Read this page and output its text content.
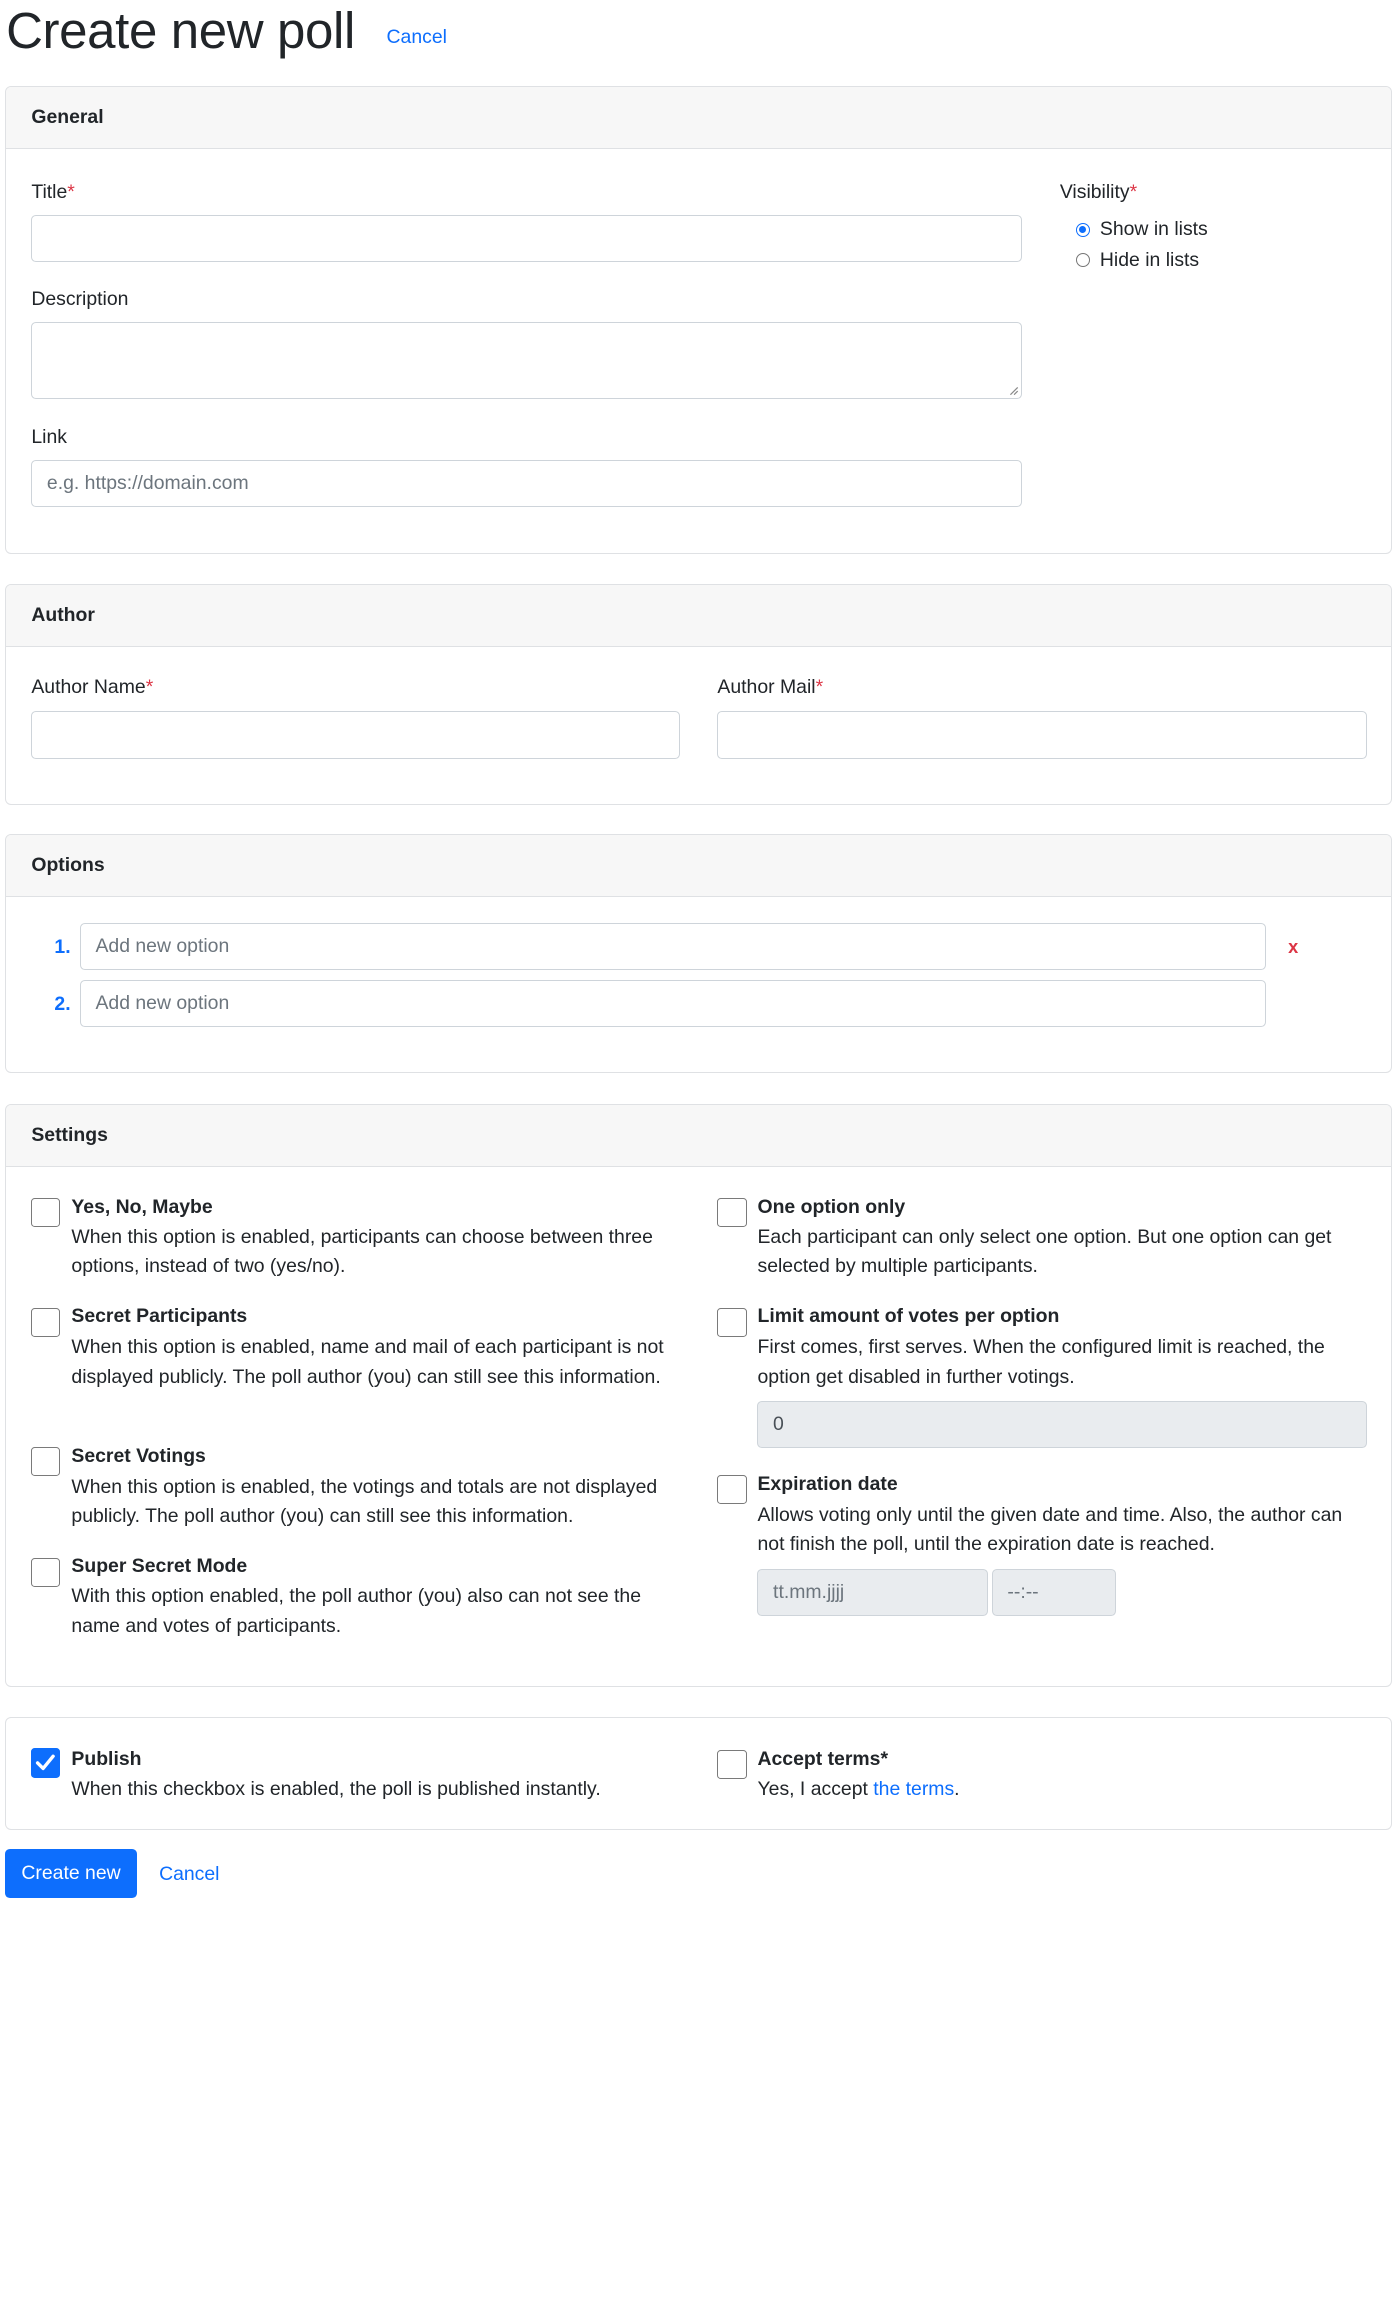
Create new poll Cancel
General
Title*
Description
Link
e.g. https://domain.com
Visibility*
Show in lists
Hide in lists
Author
Author Name*	Author Mail*
Options
1.	Add new option	x
2.	Add new option
Settings
Yes, No, Maybe
When this option is enabled, participants can choose between three options, instead of two (yes/no).
Secret Participants
When this option is enabled, name and mail of each participant is not displayed publicly. The poll author (you) can still see this information.
Secret Votings
When this option is enabled, the votings and totals are not displayed publicly. The poll author (you) can still see this information.
Super Secret Mode
With this option enabled, the poll author (you) also can not see the name and votes of participants.
One option only
Each participant can only select one option. But one option can get selected by multiple participants.
Limit amount of votes per option
First comes, first serves. When the configured limit is reached, the option get disabled in further votings.
0
Expiration date
Allows voting only until the given date and time. Also, the author can not finish the poll, until the expiration date is reached.
tt.mm.jjjj	--:--
Publish
When this checkbox is enabled, the poll is published instantly.
Accept terms*
Yes, I accept the terms.
Create new	Cancel
